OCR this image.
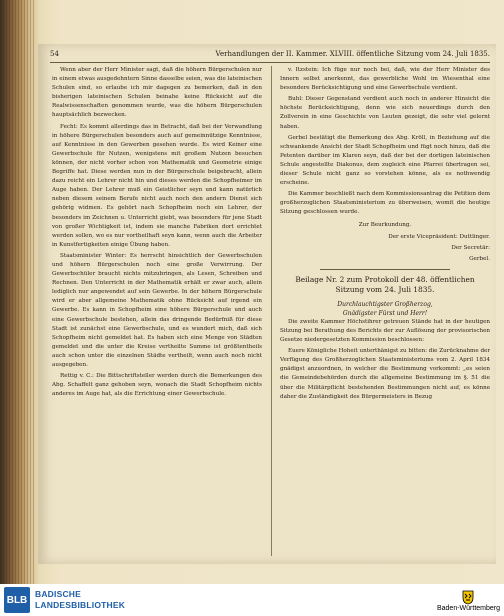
54	Verhandlungen der II. Kammer. XLVIII. öffentliche Sitzung vom 24. Juli 1835.

Wenn aber der Herr Minister sagt, daß die höhern Bürgerschulen nur in einem etwas ausgedehntern Sinne dasselbe seien, was die lateinischen Schulen sind, so erlaube ich mir dagegen zu bemerken, daß in den bisherigen lateinischen Schulen beinahe keine Rücksicht auf die Realwissenschaften genommen wurde, was die höhern Bürgerschulen hauptsächlich bezwecken.

Fecht: Es kommt allerdings das in Betracht, daß bei der Verwandlung in höhere Bürgerschulen besonders auch auf gemeinnützige Kenntnisse, auf Kenntnisse in den Gewerben gesehen wurde. Es wird Keiner eine Gewerbschule für Nutzen, wenigstens mit großem Nutzen besuchen können, der nicht vorher schon von Mathematik und Geometrie einige Begriffe hat. Diese werden nun in der Bürgerschule beigebracht, allein dazu reicht ein Lehrer nicht hin und dieses werden die Schopfheimer im Auge haben. Der Lehrer muß ein Geistlicher seyn und kann natürlich neben diesem seinem Berufe nicht auch noch den andern Dienst sich gehörig widmen. Es gehört nach Schopfheim noch ein Lehrer, der besonders im Zeichnen u. Unterricht giebt, was besonders für jene Stadt von großer Wichtigkeit ist, indem sie manche Fabriken dort errichtet werden sollen, wo es nur vortheilhaft seyn kann, wenn auch die Arbeiter in Kunstfertigkeiten einige Übung haben.

Staatsminister Winter: Es herrscht hinsichtlich der Gewerbschulen und höhern Bürgerschulen noch eine große Verwirrung. Der Gewerbschüler braucht nichts mitzubringen, als Lesen, Schreiben und Rechnen. Den Unterricht in der Mathematik erhält er zwar auch, allein lediglich nur angewendet auf sein Gewerbe. In der höhern Bürgerschule wird er aber allgemeine Mathematik ohne Rücksicht auf irgend ein Gewerbe. Es kann in Schopfheim eine höhere Bürgerschule und auch eine Gewerbschule bestehen, allein das dringende Bedürfniß für diese Stadt ist zunächst eine Gewerbschule, und es wundert mich, daß sich Schopfheim nicht gemeldet hat. Es haben sich eine Menge von Städten gemeldet und die unter die Kreise vertheilte Summe ist größtentheils auch schon unter die einzelnen Städte vertheilt, wenn auch noch nicht ausgegeben.

Rettig v. C.: Die Bittschriftsteller werden durch die Bemerkungen des Abg. Schaffelt ganz gehoben seyn, wonach die Stadt Schopfheim nichts anderes im Auge hat, als die Errichtung einer Gewerbschule.

v. Itzstein: Ich füge nur noch bei, daß, wie der Herr Minister des Innern selbst anerkennt, das gewerbliche Wohl im Wiesenthal eine besondere Berücksichtigung und eine Gewerbschule verdient.

Buhl: Dieser Gegenstand verdient auch noch in anderer Hinsicht die höchste Berücksichtigung, denn wie sich neuerdings durch den Zollverein in eine Geschichte von Leuten gezeigt, die sehr viel gelernt haben.

Gerbel bestätigt die Bemerkung des Abg. Kröll, in Beziehung auf die schwankende Ansicht der Stadt Schopfheim und fügt noch hinzu, daß die Petenten darüber im Klaren seyn, daß der bei der dortigen lateinischen Schule angestellte Diakonus, dem zugleich eine Pfarrei übertragen sei, dieser Schule nicht ganz so vorstehen könne, als es nothwendig erscheine.

Die Kammer beschließt nach dem Kommissionsantrag die Petition dem großherzoglichen Staatsministerium zu überweisen, womit die heutige Sitzung geschlossen wurde.

Zur Beurkundung.
Der erste Vicepräsident: Duttlinger.
Der Secretär:
Gerbel.
Beilage Nr. 2 zum Protokoll der 48. öffentlichen
Sitzung vom 24. Juli 1835.
Durchlauchtigster Großherzog,
Gnädigster Fürst und Herr!

Die zweite Kammer Höchstihrer getreuen Stände hat in der heutigen Sitzung bei Berathung des Berichts der zur Auflösung der provisorischen Gesetze niedergesetzten Kommission beschlossen:

Euere Königliche Hoheit unterthänigst zu bitten: die Zurücknahme der Verfügung des Großherzoglichen Staatsministeriums vom 2. April 1834 gnädigst anzuordnen, in welcher die Bestimmung vorkommt: „es seien die Gemeindebehörden durch die allgemeine Bestimmung im §. 51 die über die Militärpflicht bestehenden Bestimmungen nicht auf, es könne daher die Zuständigkeit des Bürgermeisters in Bezug

BLB
BADISCHE
LANDESBIBLIOTHEK	Baden-Württemberg
